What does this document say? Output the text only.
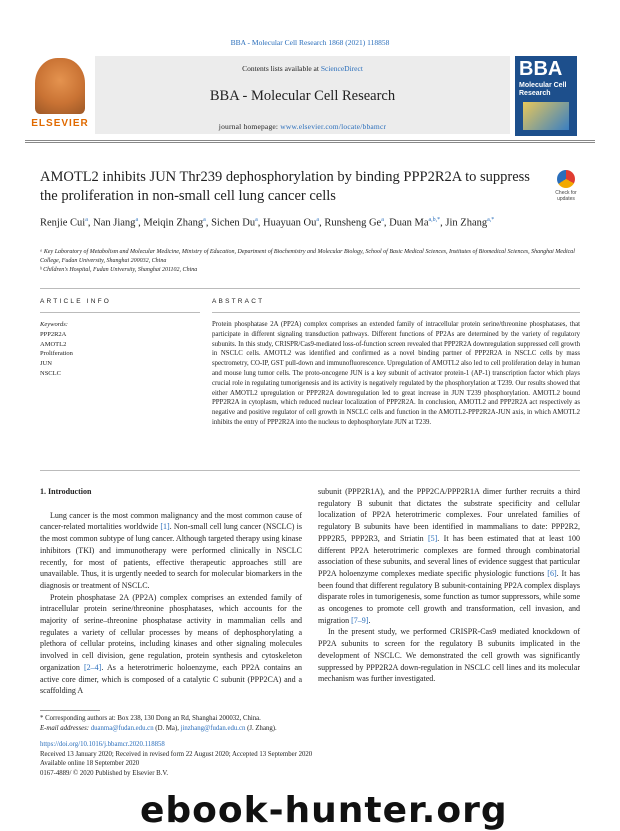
BBA - Molecular Cell Research 1868 (2021) 118858
ELSEVIER
Contents lists available at ScienceDirect
BBA - Molecular Cell Research
journal homepage: www.elsevier.com/locate/bbamcr
BBA
Molecular Cell Research
AMOTL2 inhibits JUN Thr239 dephosphorylation by binding PPP2R2A to suppress the proliferation in non-small cell lung cancer cells	Check for updates
Renjie Cui$^a$, Nan Jiang$^a$, Meiqin Zhang$^a$, Sichen Du$^a$, Huayuan Ou$^a$, Runsheng Ge$^a$, Duan $Ma^{a,b,*}$, Jin Zhang$^{a,*}$
ᵃ Key Laboratory of Metabolism and Molecular Medicine, Ministry of Education, Department of Biochemistry and Molecular Biology, School of Basic Medical Sciences, Institutes of Biomedical Sciences, Shanghai Medical College, Fudan University, Shanghai 200032, China
ᵇ Children's Hospital, Fudan University, Shanghai 201102, China
ARTICLE INFO	ABSTRACT
Keywords:
PPP2R2A
AMOTL2
Proliferation
JUN
NSCLC
Protein phosphatase 2A (PP2A) complex comprises an extended family of intracellular protein serine/threonine phosphatases, that participate in different signaling transduction pathways. Different functions of PP2As are determined by the variety of regulatory subunits. In this study, CRISPR/Cas9-mediated loss-of-function screen revealed that PPP2R2A downregulation suppressed cell growth in NSCLC cells. AMOTL2 was identified and confirmed as a novel binding partner of PPP2R2A in NSCLC cells by mass spectrometry, CO-IP, GST pull-down and immunofluorescence. Upregulation of AMOTL2 also led to cell proliferation delay in human and mouse lung tumor cells. The proto-oncogene JUN is a key subunit of activator protein-1 (AP-1) transcription factor which plays crucial role in regulating tumorigenesis and its activity is negatively regulated by the phosphorylation at T239. Our results showed that either AMOTL2 upregulation or PPP2R2A downregulation led to great increase in JUN T239 phosphorylation. AMOTL2 bound PPP2R2A in cytoplasm, which reduced nuclear localization of PPP2R2A. In conclusion, AMOTL2 and PPP2R2A act respectively as negative and positive regulator of cell growth in NSCLC cells and function in the AMOTL2-PPP2R2A-JUN axis, in which AMOTL2 inhibits the entry of PPP2R2A into the nucleus to dephosphorylate JUN at T239.

1. Introduction

Lung cancer is the most common malignancy and the most common cause of cancer-related mortalities worldwide [1]. Non-small cell lung cancer (NSCLC) is the most common subtype of lung cancer. Although targeted therapy using kinase inhibitors (TKI) and immunotherapy were performed clinically in NSCLC recently, for most of patients, effective therapeutic approaches still are unavailable. Thus, it is urgently needed to search for molecular biomarkers in the diagnosis or treatment of NSCLC.

Protein phosphatase 2A (PP2A) complex comprises an extended family of intracellular protein serine/threonine phosphatases, which accounts for the majority of serine–threonine phosphatase activity in mammalian cells and regulates a variety of cellular processes by means of dephosphorylating a plethora of cellular proteins, including kinases and other signaling molecules involved in cell division, gene regulation, protein synthesis and cytoskeleton organization [2–4]. As a heterotrimeric holoenzyme, each PP2A contains an active core dimer, which is composed of a catalytic C subunit (PPP2CA) and a scaffolding A

subunit (PPP2R1A), and the PPP2CA/PPP2R1A dimer further recruits a third regulatory B subunit that dictates the substrate specificity and cellular localization of PP2A heterotrimeric complexes. Four unrelated families of regulatory B subunits have been identified in mammalians to date: PPP2R2, PPP2R5, PPP2R3, and Striatin [5]. It has been estimated that at least 100 different PP2A heterotrimeric complexes are formed through combinatorial association of these subunits, and several lines of evidence suggest that particular PP2A holoenzyme complexes mediate specific physiologic functions [6]. It has been found that different regulatory B subunit-containing PP2A complex displays disparate roles in tumorigenesis, some function as tumor suppressors, while some as oncogenes to promote cell growth and transformation, cell invasion, and migration [7–9].

In the present study, we performed CRISPR-Cas9 mediated knockdown of PP2A subunits to screen for the regulatory B subunits implicated in the development of NSCLC. We demonstrated the cell growth was significantly suppressed by PPP2R2A down-regulation in NSCLC cell lines and its molecular mechanism was further investigated.

* Corresponding authors at: Box 238, 130 Dong an Rd, Shanghai 200032, China.
E-mail addresses: duanma@fudan.edu.cn (D. Ma), jinzhang@fudan.edu.cn (J. Zhang).
https://doi.org/10.1016/j.bbamcr.2020.118858
Received 13 January 2020; Received in revised form 22 August 2020; Accepted 13 September 2020
Available online 18 September 2020
0167-4889/ © 2020 Published by Elsevier B.V.
ebook-hunter.org
